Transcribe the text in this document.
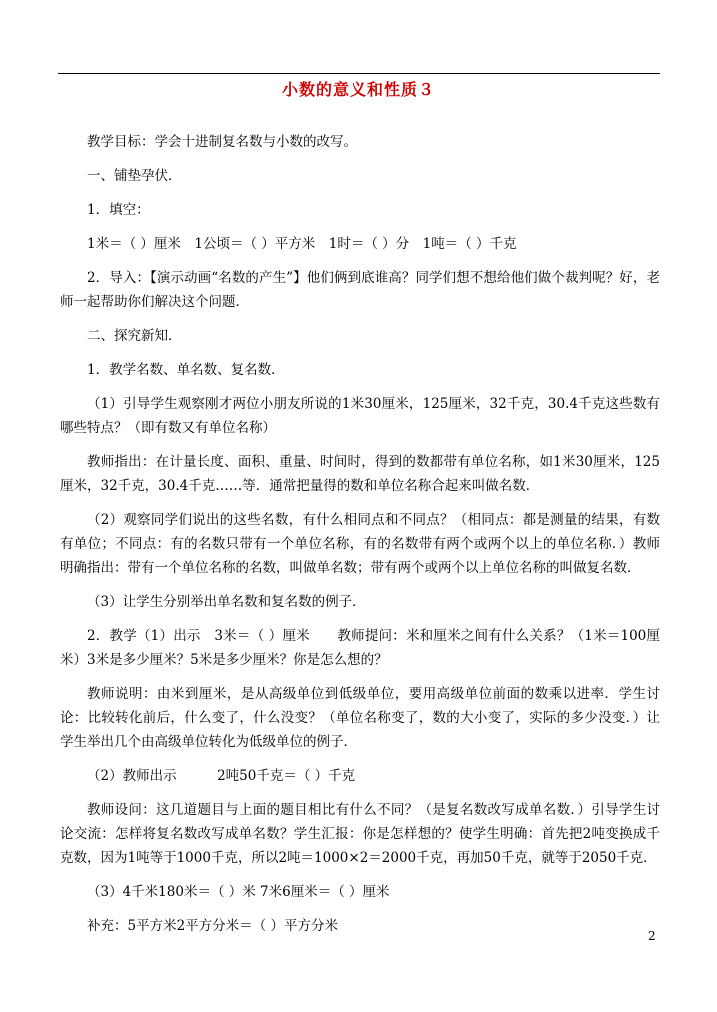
小数的意义和性质３

教学目标：学会十进制复名数与小数的改写。

一、铺垫孕伏．

1．填空：

1米＝（ ）厘米　1公顷＝（ ）平方米　1时＝（ ）分　1吨＝（ ）千克

2．导入：【演示动画“名数的产生”】他们俩到底谁高？同学们想不想给他们做个裁判呢？好，老师一起帮助你们解决这个问题．

二、探究新知．

1．教学名数、单名数、复名数．

（1）引导学生观察刚才两位小朋友所说的1米30厘米，125厘米，32千克，30.4千克这些数有哪些特点？（即有数又有单位名称）

教师指出：在计量长度、面积、重量、时间时，得到的数都带有单位名称，如1米30厘米，125厘米，32千克，30.4千克……等．通常把量得的数和单位名称合起来叫做名数．

（2）观察同学们说出的这些名数，有什么相同点和不同点？（相同点：都是测量的结果，有数有单位；不同点：有的名数只带有一个单位名称，有的名数带有两个或两个以上的单位名称．）教师明确指出：带有一个单位名称的名数，叫做单名数；带有两个或两个以上单位名称的叫做复名数．

（3）让学生分别举出单名数和复名数的例子．

2．教学（1）出示　3米＝（ ）厘米　　教师提问：米和厘米之间有什么关系？（1米＝100厘米）3米是多少厘米？5米是多少厘米？你是怎么想的？

教师说明：由米到厘米，是从高级单位到低级单位，要用高级单位前面的数乘以进率．学生讨论：比较转化前后，什么变了，什么没变？（单位名称变了，数的大小变了，实际的多少没变．）让学生举出几个由高级单位转化为低级单位的例子．

（2）教师出示　　　2吨50千克＝（ ）千克

教师设问：这几道题目与上面的题目相比有什么不同？（是复名数改写成单名数．）引导学生讨论交流：怎样将复名数改写成单名数？学生汇报：你是怎样想的？使学生明确：首先把2吨变换成千克数，因为1吨等于1000千克，所以2吨＝1000×2＝2000千克，再加50千克，就等于2050千克．

（3）4千米180米＝（ ）米 7米6厘米＝（ ）厘米

补充：5平方米2平方分米＝（ ）平方分米

2
